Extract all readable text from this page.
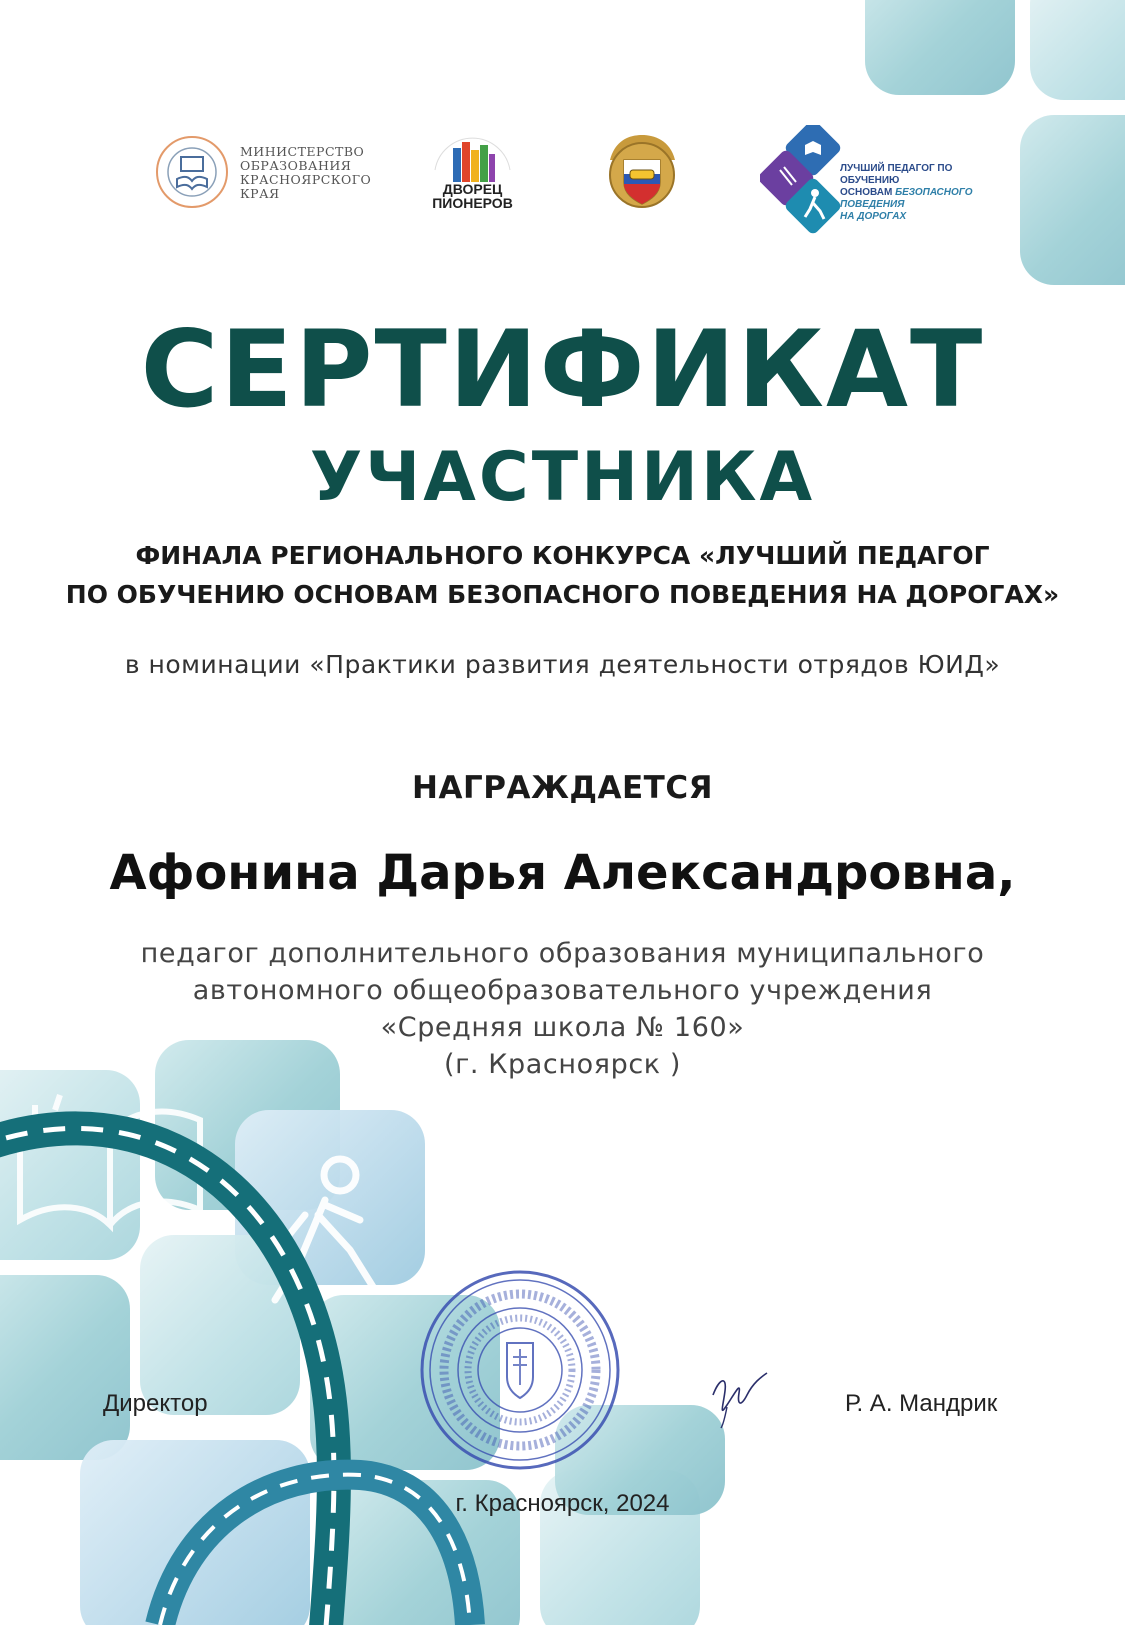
МИНИСТЕРСТВО
ОБРАЗОВАНИЯ
КРАСНОЯРСКОГО
КРАЯ	ДВОРЕЦ
ПИОНЕРОВ
ЛУЧШИЙ ПЕДАГОГ ПО ОБУЧЕНИЮ
ОСНОВАМ БЕЗОПАСНОГО ПОВЕДЕНИЯ
НА ДОРОГАХ
СЕРТИФИКАТ
УЧАСТНИКА
ФИНАЛА РЕГИОНАЛЬНОГО КОНКУРСА «ЛУЧШИЙ ПЕДАГОГ
ПО ОБУЧЕНИЮ ОСНОВАМ БЕЗОПАСНОГО ПОВЕДЕНИЯ НА ДОРОГАХ»
в номинации «Практики развития деятельности отрядов ЮИД»
НАГРАЖДАЕТСЯ
Афонина Дарья Александровна,
педагог дополнительного образования муниципального
автономного общеобразовательного учреждения
«Средняя школа № 160»
(г. Красноярск )
Директор	Р. А. Мандрик
г. Красноярск, 2024
